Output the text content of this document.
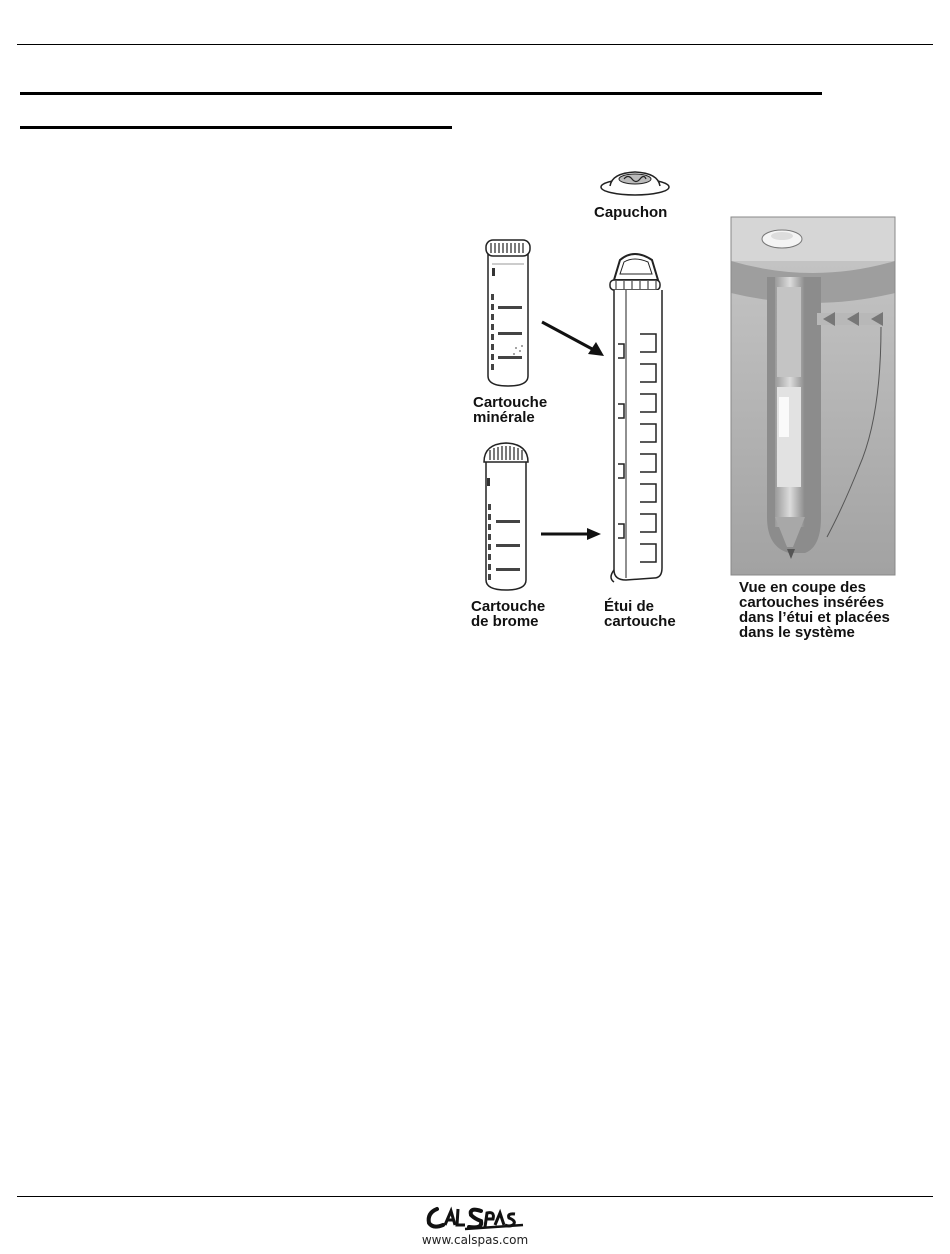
Capuchon
Cartouche
minérale
Cartouche
de brome
Étui de
cartouche
Vue en coupe des
cartouches insérées
dans l’étui et placées
dans le système
www.calspas.com
